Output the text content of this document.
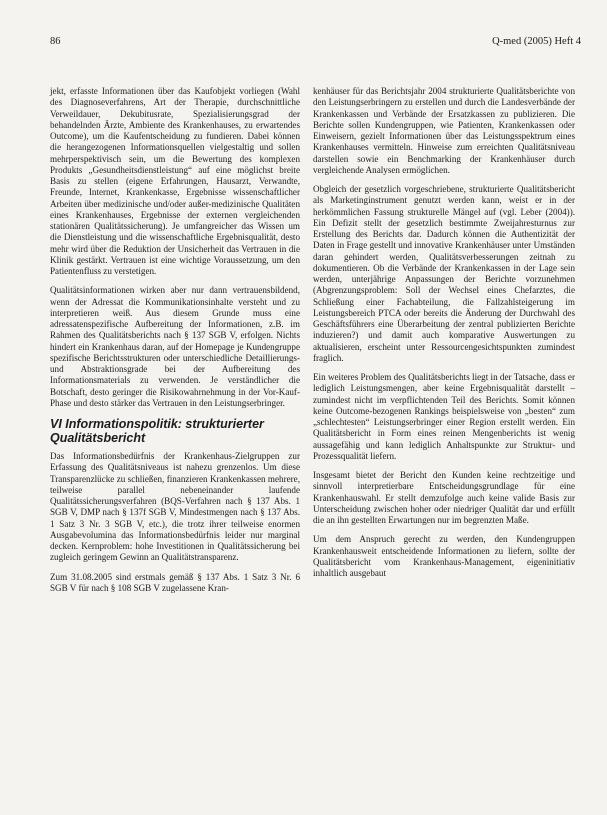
86	Q-med (2005) Heft 4

jekt, erfasste Informationen über das Kaufobjekt vorliegen (Wahl des Diagnoseverfahrens, Art der Therapie, durchschnittliche Verweildauer, Dekubitusrate, Spezialisierungsgrad der behandelnden Ärzte, Ambiente des Krankenhauses, zu erwartendes Outcome), um die Kaufentscheidung zu fundieren. Dabei können die herangezogenen Informationsquellen vielgestaltig und sollen mehrperspektivisch sein, um die Bewertung des komplexen Produkts „Gesundheitsdienstleistung“ auf eine möglichst breite Basis zu stellen (eigene Erfahrungen, Hausarzt, Verwandte, Freunde, Internet, Krankenkasse, Ergebnisse wissenschaftlicher Arbeiten über medizinische und/oder außer-medizinische Qualitäten eines Krankenhauses, Ergebnisse der externen vergleichenden stationären Qualitätssicherung). Je umfangreicher das Wissen um die Dienstleistung und die wissenschaftliche Ergebnisqualität, desto mehr wird über die Reduktion der Unsicherheit das Vertrauen in die Klinik gestärkt. Vertrauen ist eine wichtige Voraussetzung, um den Patientenfluss zu verstetigen.

Qualitätsinformationen wirken aber nur dann vertrauensbildend, wenn der Adressat die Kommunikationsinhalte versteht und zu interpretieren weiß. Aus diesem Grunde muss eine adressatenspezifische Aufbereitung der Informationen, z.B. im Rahmen des Qualitätsberichts nach § 137 SGB V, erfolgen. Nichts hindert ein Krankenhaus daran, auf der Homepage je Kundengruppe spezifische Berichtsstrukturen oder unterschiedliche Detaillierungs- und Abstraktionsgrade bei der Aufbereitung des Informationsmaterials zu verwenden. Je verständlicher die Botschaft, desto geringer die Risikowahrnehmung in der Vor-Kauf-Phase und desto stärker das Vertrauen in den Leistungserbringer.

VI Informationspolitik: strukturierter Qualitätsbericht

Das Informationsbedürfnis der Krankenhaus-Zielgruppen zur Erfassung des Qualitätsniveaus ist nahezu grenzenlos. Um diese Transparenzlücke zu schließen, finanzieren Krankenkassen mehrere, teilweise parallel nebeneinander laufende Qualitätssicherungsverfahren (BQS-Verfahren nach § 137 Abs. 1 SGB V, DMP nach § 137f SGB V, Mindestmengen nach § 137 Abs. 1 Satz 3 Nr. 3 SGB V, etc.), die trotz ihrer teilweise enormen Ausgabevolumina das Informationsbedürfnis leider nur marginal decken. Kernproblem: hohe Investitionen in Qualitätssicherung bei zugleich geringem Gewinn an Qualitätstransparenz.

Zum 31.08.2005 sind erstmals gemäß § 137 Abs. 1 Satz 3 Nr. 6 SGB V für nach § 108 SGB V zugelassene Kran-

kenhäuser für das Berichtsjahr 2004 strukturierte Qualitätsberichte von den Leistungserbringern zu erstellen und durch die Landesverbände der Krankenkassen und Verbände der Ersatzkassen zu publizieren. Die Berichte sollen Kundengruppen, wie Patienten, Krankenkassen oder Einweisern, gezielt Informationen über das Leistungsspektrum eines Krankenhauses vermitteln. Hinweise zum erreichten Qualitätsniveau darstellen sowie ein Benchmarking der Krankenhäuser durch vergleichende Analysen ermöglichen.

Obgleich der gesetzlich vorgeschriebene, strukturierte Qualitätsbericht als Marketinginstrument genutzt werden kann, weist er in der herkömmlichen Fassung strukturelle Mängel auf (vgl. Leber (2004)). Ein Defizit stellt der gesetzlich bestimmte Zweijahresturnus zur Erstellung des Berichts dar. Dadurch können die Authentizität der Daten in Frage gestellt und innovative Krankenhäuser unter Umständen daran gehindert werden, Qualitätsverbesserungen zeitnah zu dokumentieren. Ob die Verbände der Krankenkassen in der Lage sein werden, unterjährige Anpassungen der Berichte vorzunehmen (Abgrenzungsproblem: Soll der Wechsel eines Chefarztes, die Schließung einer Fachabteilung, die Fallzahlsteigerung im Leistungsbereich PTCA oder bereits die Änderung der Durchwahl des Geschäftsführers eine Überarbeitung der zentral publizierten Berichte induzieren?) und damit auch komparative Auswertungen zu aktualisieren, erscheint unter Ressourcengesichtspunkten zumindest fraglich.

Ein weiteres Problem des Qualitätsberichts liegt in der Tatsache, dass er lediglich Leistungsmengen, aber keine Ergebnisqualität darstellt – zumindest nicht im verpflichtenden Teil des Berichts. Somit können keine Outcome-bezogenen Rankings beispielsweise von „besten“ zum „schlechtesten“ Leistungserbringer einer Region erstellt werden. Ein Qualitätsbericht in Form eines reinen Mengenberichts ist wenig aussagefähig und kann lediglich Anhaltspunkte zur Struktur- und Prozessqualität liefern.

Insgesamt bietet der Bericht den Kunden keine rechtzeitige und sinnvoll interpretierbare Entscheidungsgrundlage für eine Krankenhauswahl. Er stellt demzufolge auch keine valide Basis zur Unterscheidung zwischen hoher oder niedriger Qualität dar und erfüllt die an ihn gestellten Erwartungen nur im begrenzten Maße.

Um dem Anspruch gerecht zu werden, den Kundengruppen Krankenhausweit entscheidende Informationen zu liefern, sollte der Qualitätsbericht vom Krankenhaus-Management, eigeninitiativ inhaltlich ausgebaut
